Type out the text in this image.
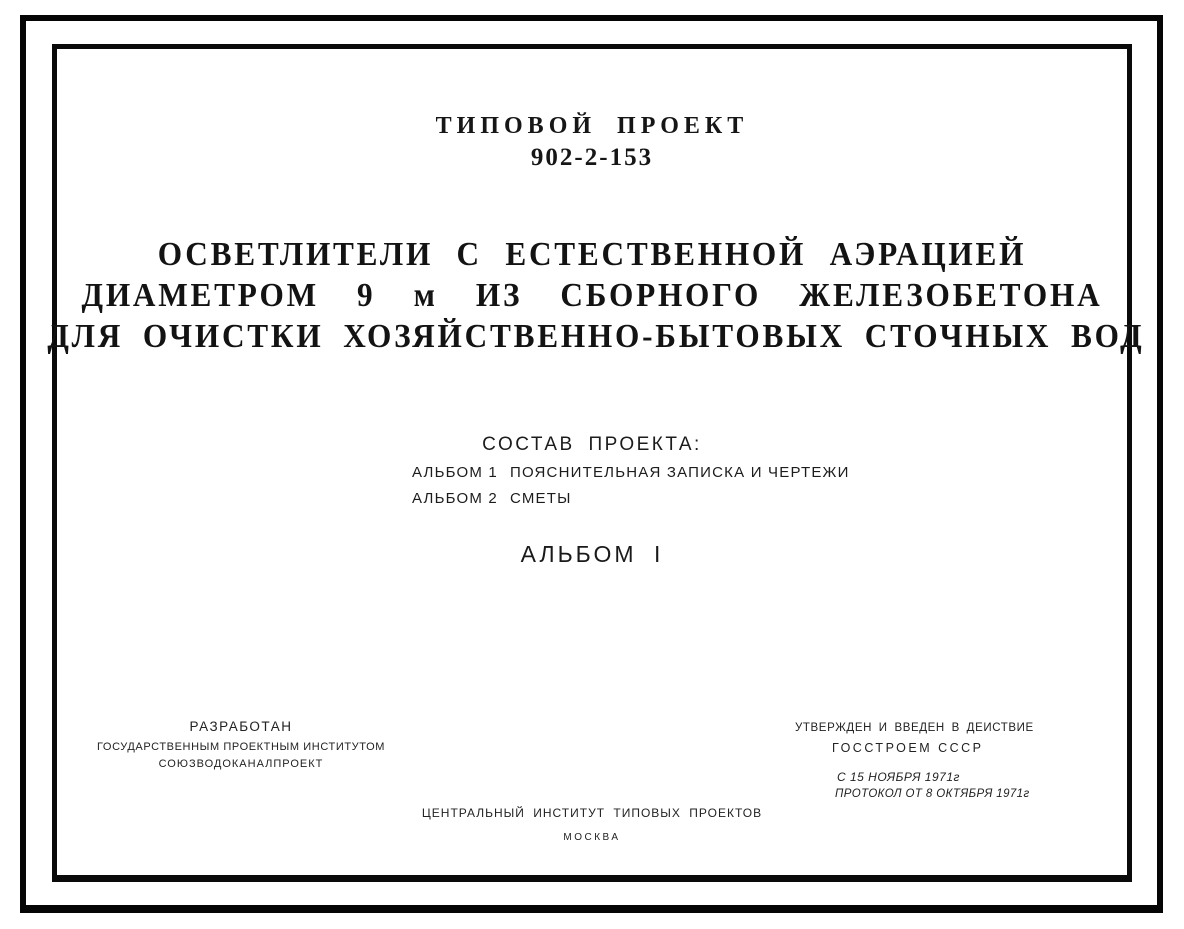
ТИПОВОЙ ПРОЕКТ
902-2-153
ОСВЕТЛИТЕЛИ С ЕСТЕСТВЕННОЙ АЭРАЦИЕЙ
ДИАМЕТРОМ 9 м ИЗ СБОРНОГО ЖЕЛЕЗОБЕТОНА
ДЛЯ ОЧИСТКИ ХОЗЯЙСТВЕННО-БЫТОВЫХ СТОЧНЫХ ВОД
СОСТАВ ПРОЕКТА:
АЛЬБОМ 1 ПОЯСНИТЕЛЬНАЯ ЗАПИСКА И ЧЕРТЕЖИ
АЛЬБОМ 2 СМЕТЫ
АЛЬБОМ I
РАЗРАБОТАН
ГОСУДАРСТВЕННЫМ ПРОЕКТНЫМ ИНСТИТУТОМ
СОЮЗВОДОКАНАЛПРОЕКТ
УТВЕРЖДЕН И ВВЕДЕН В ДЕИСТВИЕ
ГОССТРОЕМ СССР
С 15 НОЯБРЯ 1971г
ПРОТОКОЛ ОТ 8 ОКТЯБРЯ 1971г
ЦЕНТРАЛЬНЫЙ ИНСТИТУТ ТИПОВЫХ ПРОЕКТОВ
МОСКВА
